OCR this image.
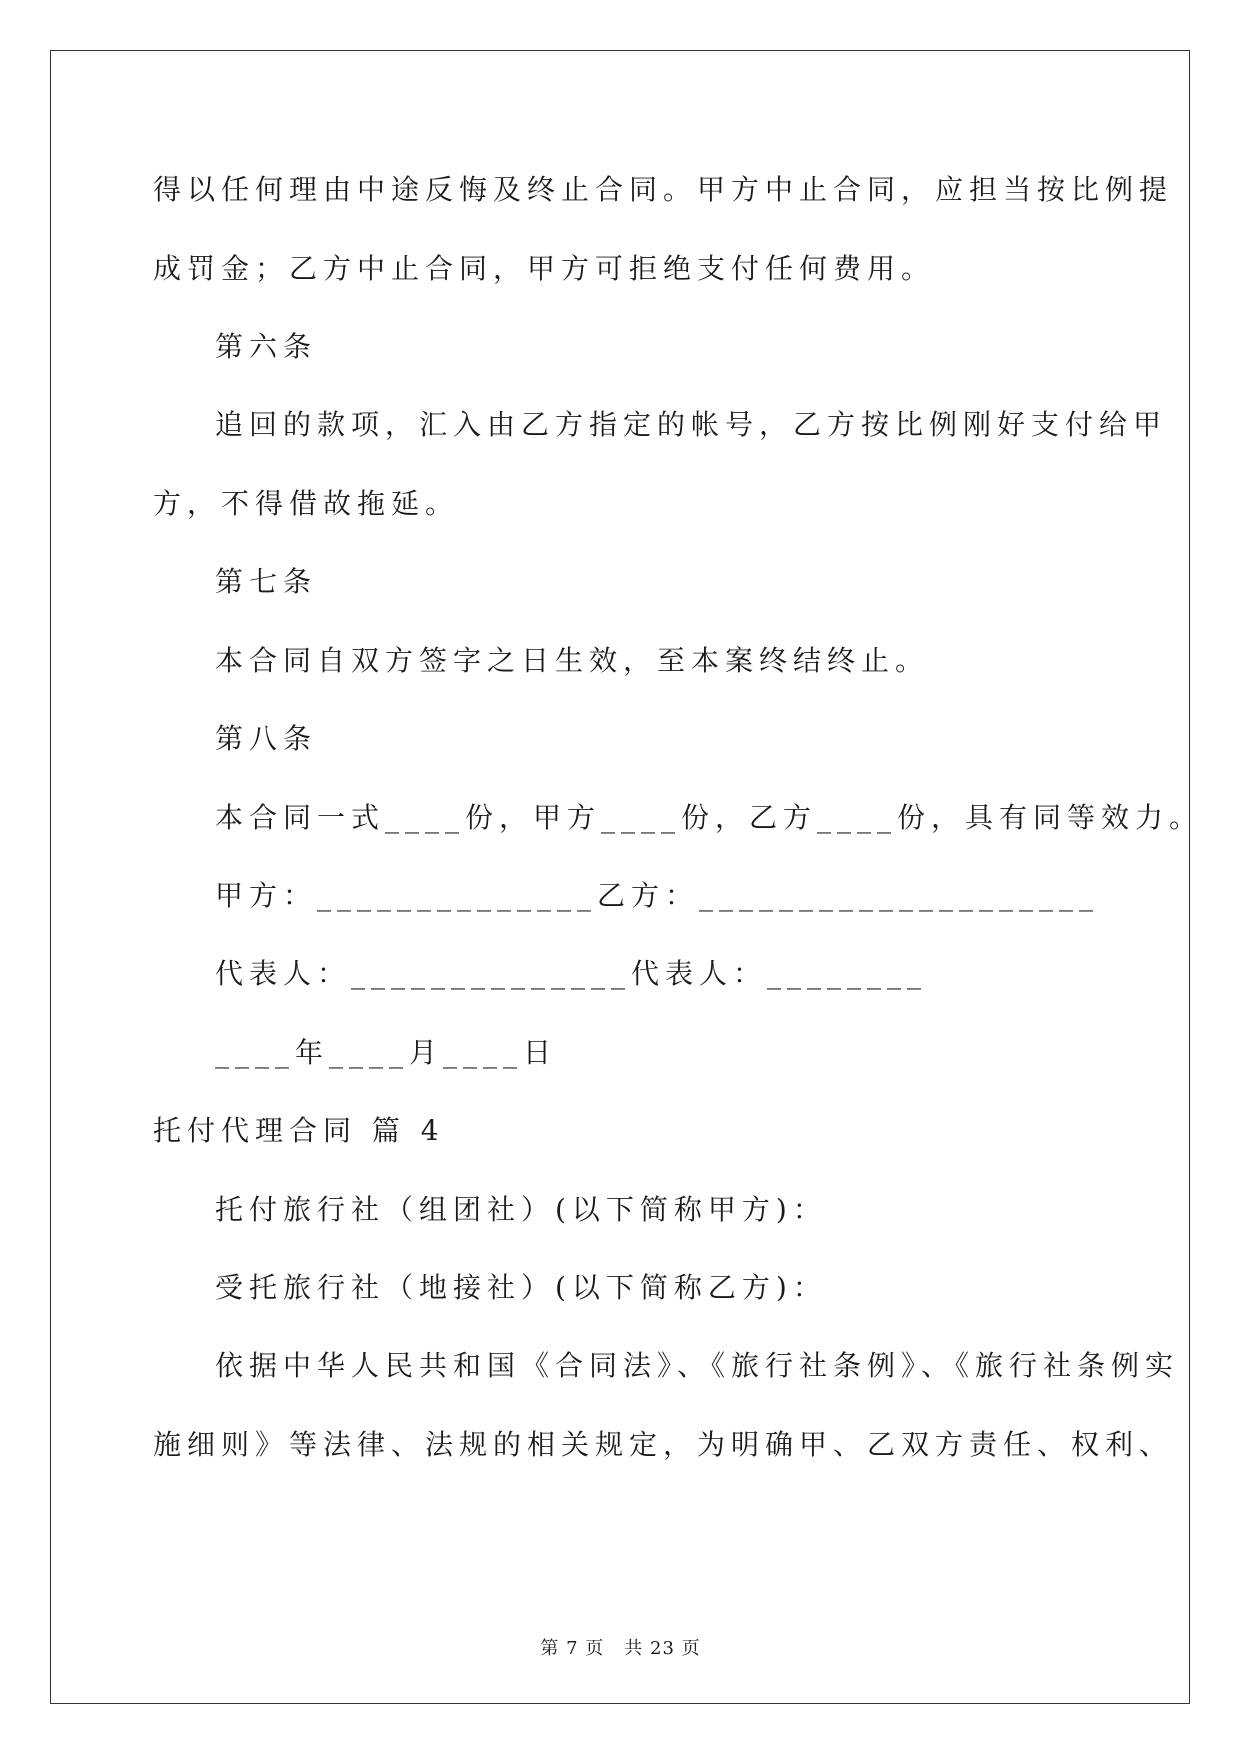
得以任何理由中途反悔及终止合同。甲方中止合同，应担当按比例提
成罚金；乙方中止合同，甲方可拒绝支付任何费用。
第六条
追回的款项，汇入由乙方指定的帐号，乙方按比例刚好支付给甲
方，不得借故拖延。
第七条
本合同自双方签字之日生效，至本案终结终止。
第八条
本合同一式____份，甲方____份，乙方____份，具有同等效力。
甲方：______________乙方：____________________
代表人：______________代表人：________
____年____月____日
托付代理合同 篇 4
托付旅行社（组团社）(以下简称甲方)：
受托旅行社（地接社）(以下简称乙方)：
依据中华人民共和国《合同法》、《旅行社条例》、《旅行社条例实
施细则》等法律、法规的相关规定，为明确甲、乙双方责任、权利、
第 7 页 共 23 页
